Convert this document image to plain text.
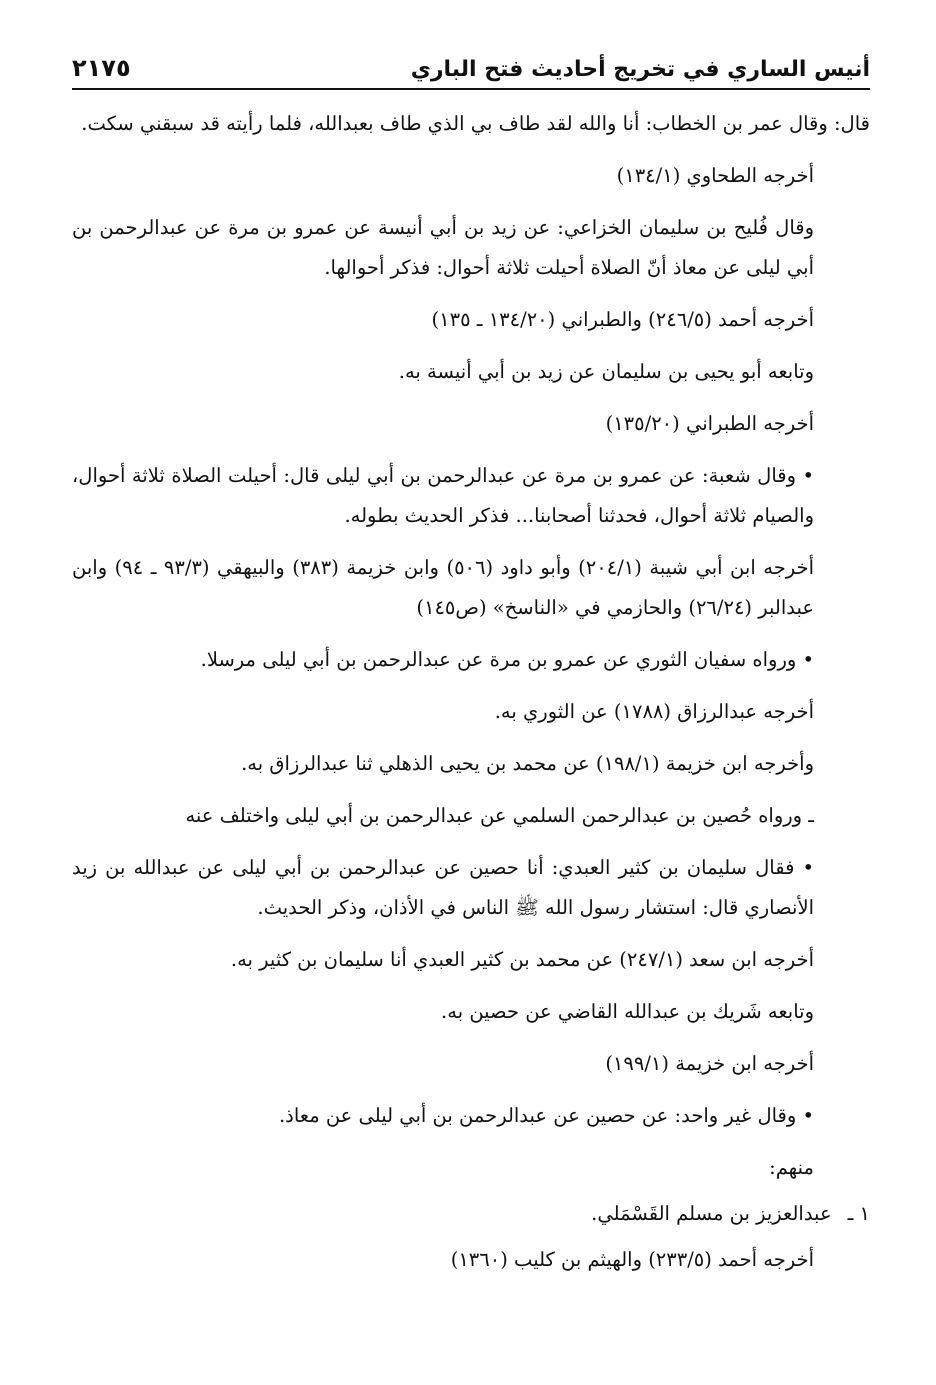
أنيس الساري في تخريج أحاديث فتح الباري
٢١٧٥

قال: وقال عمر بن الخطاب: أنا والله لقد طاف بي الذي طاف بعبدالله، فلما رأيته قد سبقني سكت.

أخرجه الطحاوي (١٣٤/١)

وقال فُليح بن سليمان الخزاعي: عن زيد بن أبي أنيسة عن عمرو بن مرة عن عبدالرحمن بن أبي ليلى عن معاذ أنّ الصلاة أحيلت ثلاثة أحوال: فذكر أحوالها.

أخرجه أحمد (٢٤٦/٥) والطبراني (١٣٤/٢٠ ـ ١٣٥)

وتابعه أبو يحيى بن سليمان عن زيد بن أبي أنيسة به.

أخرجه الطبراني (١٣٥/٢٠)

• وقال شعبة: عن عمرو بن مرة عن عبدالرحمن بن أبي ليلى قال: أحيلت الصلاة ثلاثة أحوال، والصيام ثلاثة أحوال، فحدثنا أصحابنا... فذكر الحديث بطوله.

أخرجه ابن أبي شيبة (٢٠٤/١) وأبو داود (٥٠٦) وابن خزيمة (٣٨٣) والبيهقي (٩٣/٣ ـ ٩٤) وابن عبدالبر (٢٦/٢٤) والحازمي في «الناسخ» (ص١٤٥)

• ورواه سفيان الثوري عن عمرو بن مرة عن عبدالرحمن بن أبي ليلى مرسلا.

أخرجه عبدالرزاق (١٧٨٨) عن الثوري به.

وأخرجه ابن خزيمة (١٩٨/١) عن محمد بن يحيى الذهلي ثنا عبدالرزاق به.

ـ ورواه حُصين بن عبدالرحمن السلمي عن عبدالرحمن بن أبي ليلى واختلف عنه

• فقال سليمان بن كثير العبدي: أنا حصين عن عبدالرحمن بن أبي ليلى عن عبدالله بن زيد الأنصاري قال: استشار رسول الله ﷺ الناس في الأذان، وذكر الحديث.

أخرجه ابن سعد (٢٤٧/١) عن محمد بن كثير العبدي أنا سليمان بن كثير به.

وتابعه شَريك بن عبدالله القاضي عن حصين به.

أخرجه ابن خزيمة (١٩٩/١)

• وقال غير واحد: عن حصين عن عبدالرحمن بن أبي ليلى عن معاذ.

منهم:

١ ـ
عبدالعزيز بن مسلم القَسْمَلي.

أخرجه أحمد (٢٣٣/٥) والهيثم بن كليب (١٣٦٠)
